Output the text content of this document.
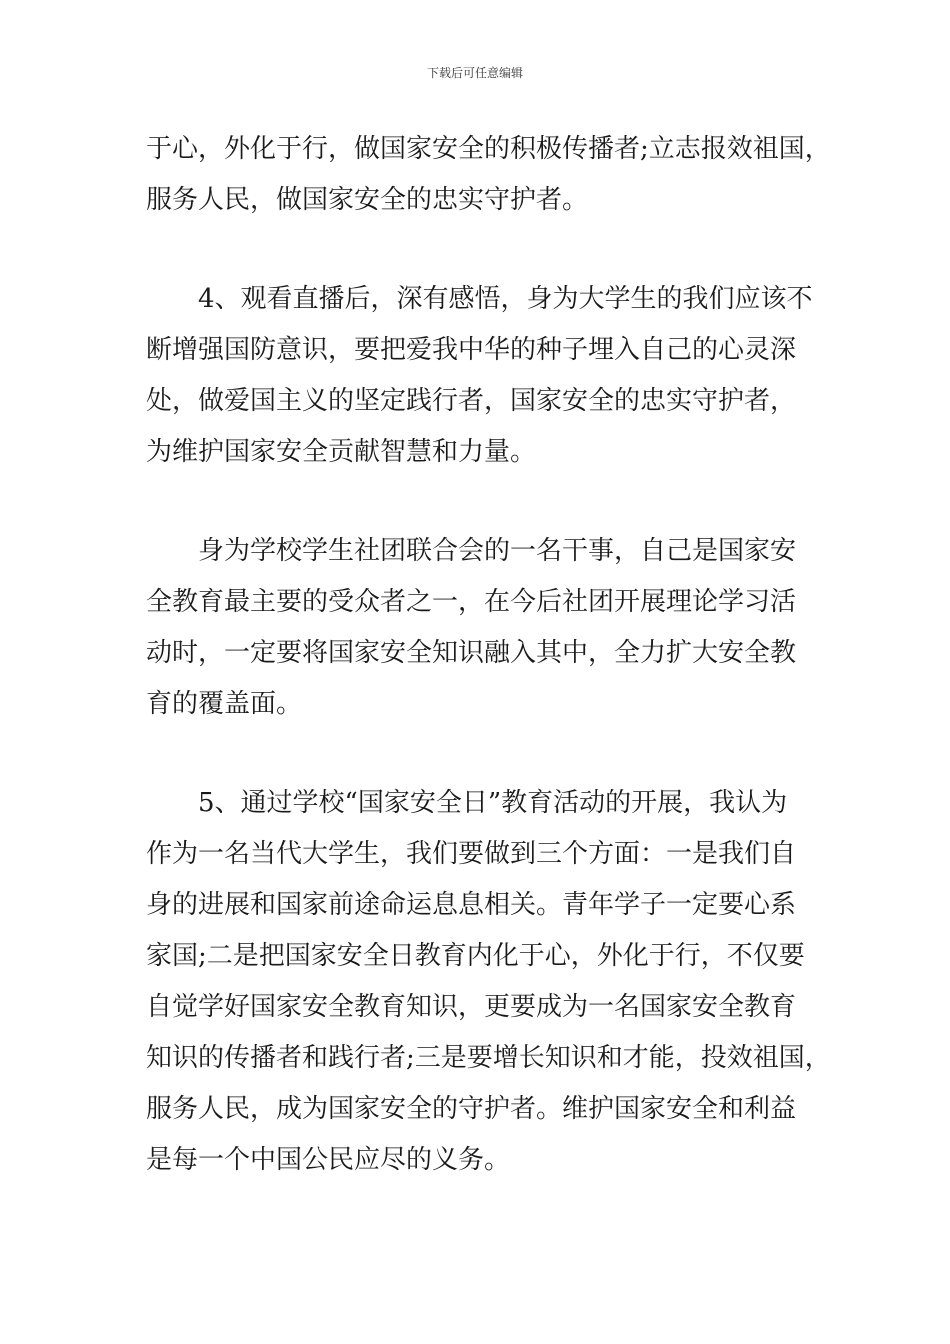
下载后可任意编辑
于心，外化于行，做国家安全的积极传播者;立志报效祖国，
服务人民，做国家安全的忠实守护者。
4、观看直播后，深有感悟，身为大学生的我们应该不
断增强国防意识，要把爱我中华的种子埋入自己的心灵深
处，做爱国主义的坚定践行者，国家安全的忠实守护者，
为维护国家安全贡献智慧和力量。
身为学校学生社团联合会的一名干事，自己是国家安
全教育最主要的受众者之一，在今后社团开展理论学习活
动时，一定要将国家安全知识融入其中，全力扩大安全教
育的覆盖面。
5、通过学校“国家安全日”教育活动的开展，我认为
作为一名当代大学生，我们要做到三个方面：一是我们自
身的进展和国家前途命运息息相关。青年学子一定要心系
家国;二是把国家安全日教育内化于心，外化于行，不仅要
自觉学好国家安全教育知识，更要成为一名国家安全教育
知识的传播者和践行者;三是要增长知识和才能，投效祖国，
服务人民，成为国家安全的守护者。维护国家安全和利益
是每一个中国公民应尽的义务。
